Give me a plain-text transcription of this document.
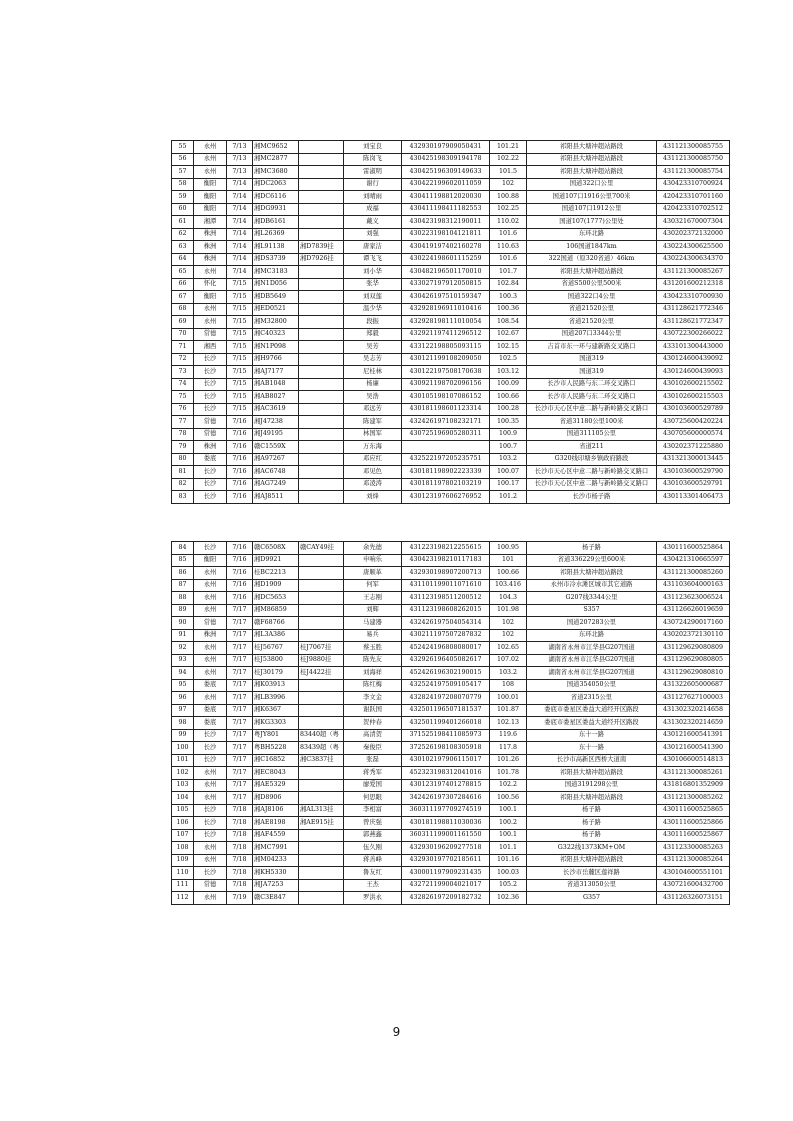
55	永州	7/13	湘MC9652		刘宝良	432930197909050431	101.21	祁阳县大塘冲超站路段	431121300085755
56	永州	7/13	湘MC2877		陈岗飞	430425198309194178	102.22	祁阳县大塘冲超站路段	431121300085750
57	永州	7/13	湘MC3680		雷淑明	430425196309149633	101.5	祁阳县大塘冲超站路段	431121300085754
58	衡阳	7/14	湘DC2063		谢行	430422199602011059	102	国道322口公里	430423310700924
59	衡阳	7/14	湘DC6116		刘晴雨	430411198812020030	100.88	国道107口1916公里700米	420423310701160
60	衡阳	7/14	湘DG9931		成福	430411198411182553	102.25	国道107口1912公里	420423310702512
61	湘潭	7/14	湘DB6161		戴义	430423198312190011	110.02	国道107(1777)公里处	430321670007304
62	株洲	7/14	湘L26369		刘强	430223198104121811	101.6	东环北路	430202372132000
63	株洲	7/14	湘L91138	湘D7839挂	唐家洁	430419197402160278	110.63	106国道1847km	430224300625500
64	株洲	7/14	湘DS3739	湘D7926挂	谭飞飞	430224198601115259	101.6	322国道（原320省道）46km	430224300634370
65	永州	7/14	湘MC3183		刘小华	430482196501170010	101.7	祁阳县大塘冲超站路段	431121300085267
66	怀化	7/15	湘N1D056		张华	433027197912050815	102.84	省道S500公里500米	431201600212318
67	衡阳	7/15	湘DB5649		刘双莲	430426197510159347	100.3	国道322口4公里	430423310700930
68	永州	7/15	湘ED0521		温少华	432928196911010416	100.36	省道21520公里	431128621772346
69	永州	7/15	湘M32800		段振	432928198111010054	108.54	省道21520公里	431128621772347
70	常德	7/15	湘C40323		郑毅	432921197411296512	102.67	国道207口3344公里	430722300266022
71	湘西	7/15	湘N1P098		吴芳	433122198805093115	102.15	吉首市东一环与建新路交叉路口	433101300443000
72	长沙	7/15	湘H9766		吴志芳	430121199108209050	102.5	国道319	430124600439092
73	长沙	7/15	湘AJ7177		尼桂林	430122197508170638	103.12	国道319	430124600439093
74	长沙	7/15	湘AB1048		杨廉	430921198702096156	100.09	长沙市人民路与东二环交叉路口	430102600215502
75	长沙	7/15	湘AB8027		吴浩	430105198107086152	100.66	长沙市人民路与东二环交叉路口	430102600215503
76	长沙	7/15	湘AC3619		邓远芳	430181198601123314	100.28	长沙市天心区中意二路与新岭路交叉路口	430103600529789
77	常德	7/16	湘J47238		陈建军	432426197108232171	100.35	省道31180公里100米	430725600420224
78	常德	7/16	湘J49195		林国军	430725196905280311	100.9	国道311105公里	430705600000574
79	株洲	7/16	赣C1559X		万东海		100.7	省道211	430202371225880
80	娄底	7/16	湘A97267		邓应红	432522197205235751	103.2	G320线印塘乡镇政府路段	431321300013445
81	长沙	7/16	湘AC6748		邓见色	430181198902223339	100.07	长沙市天心区中意二路与新岭路交叉路口	430103600529790
82	长沙	7/16	湘AG7249		邓凌涛	430181197802103219	100.17	长沙市天心区中意二路与新岭路交叉路口	430103600529791
83	长沙	7/16	湘AJ8511		刘烽	430123197606276952	101.2	长沙市杨子路	430113301406473
84	长沙	7/16	赣C6508X	赣CAY49挂	余先德	431223198212255615	100.95	杨子路	430111600525864
85	衡阳	7/16	湘D9921		申响乐	430423198210117183	101	省道336229公里600米	430421310665597
86	永州	7/16	桂BC2213		唐顺革	432930198907200713	100.66	祁阳县大塘冲超站路段	431121300085260
87	永州	7/16	湘D1909		何军	431101199011071610	103.416	永州市冷水滩区城市其它道路	431103604000163
88	永州	7/16	湘DC5653		王志刚	431123198511200512	104.3	G207线3344公里	431123623006524
89	永州	7/17	湘M86859		刘辉	431123198608262015	101.98	S357	431126626019659
90	常德	7/17	赣F68766		马建器	432426197504054314	102	国道207283公里	430724290017160
91	株洲	7/17	湘L3A386		易兵	430211197507287832	102	东环北路	430202372130110
92	永州	7/17	桂J56767	桂J7067挂	蔡玉胜	452424196808080017	102.65	湖南省永州市江华县G207国道	431129629080809
93	永州	7/17	桂J53800	桂J9880挂	陈先友	432926196405082617	107.02	湖南省永州市江华县G207国道	431129629080805
94	永州	7/17	桂J30179	桂J4422挂	刘海祥	452426196302190015	103.2	湖南省永州市江华县G207国道	431129629080810
95	娄底	7/17	湘K03913		陈红梅	432524197509105417	108	国道354050公里	431322605000687
96	永州	7/17	湘LB3996		李文金	432824197208070779	100.01	省道2315公里	431127627100003
97	娄底	7/17	湘K6367		谢跃国	432501196507181537	101.87	娄底市娄星区娄益大道经开区路段	431302320214658
98	娄底	7/17	湘KG3303		贺仲春	432501199401266018	102.13	娄底市娄星区娄益大道经开区路段	431302320214659
99	长沙	7/17	粤JY801	83440超（粤	高清贺	371525198411085973	119.6	东十一路	430121600541391
100	长沙	7/17	粤BH5228	83439超（粤	秦俊臣	372526198108305918	117.8	东十一路	430121600541390
101	长沙	7/17	湘C16852	湘C3837挂	张磊	430102197906115017	101.26	长沙市高新区西桥大道南	430106600514813
102	永州	7/17	湘EC8043		蒋秀军	452323198312041016	101.78	祁阳县大塘冲超站路段	431121300085261
103	永州	7/17	湘AE5329		廖爱国	430123197401278815	102.2	国道3191298公里	431816801352909
104	永州	7/17	湘D8906		何思眼	342426197307284616	100.56	祁阳县大塘冲超站路段	431121300085262
105	长沙	7/18	湘AJ8106	湘AL313挂	李相富	360311197709274519	100.1	杨子路	430111600525865
106	长沙	7/18	湘AE8198	湘AE915挂	曾庆强	430181198811030036	100.2	杨子路	430111600525866
107	长沙	7/18	湘AF4559		郭燕鑫	360311199001161550	100.1	杨子路	430111600525867
108	永州	7/18	湘MC7991		伍久刚	432930196209277518	101.1	G322线1373KM+OM	431123300085263
109	永州	7/18	湘M04233		蒋善峰	432930197702185611	101.16	祁阳县大塘冲超站路段	431121300085264
110	长沙	7/18	湘KH5330		鲁友红	430001197909231435	100.03	长沙市岳麓区莲祥路	430104600551101
111	常德	7/18	湘JA7253		王杰	432721199004021017	105.2	省道313050公里	430721600432700
112	永州	7/19	赣C3E847		罗洪永	432826197209182732	102.36	G357	431126326073151
9
